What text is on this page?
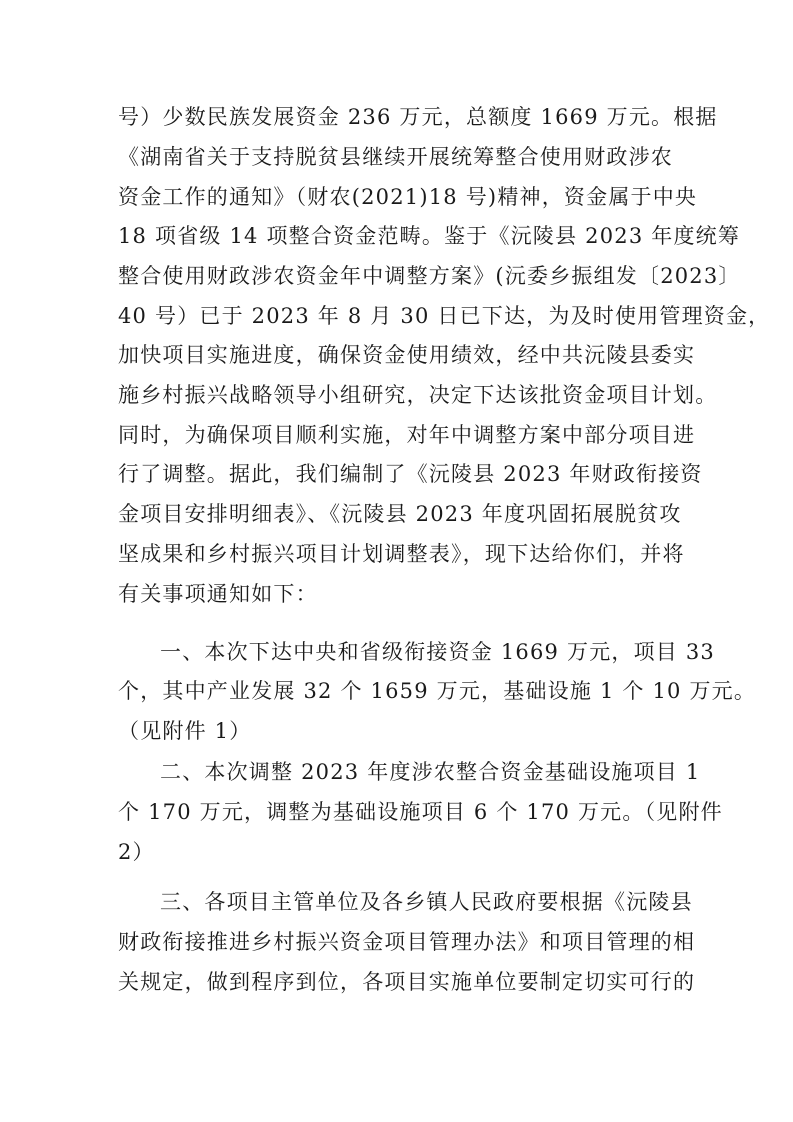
号）少数民族发展资金 236 万元，总额度 1669 万元。根据
《湖南省关于支持脱贫县继续开展统筹整合使用财政涉农
资金工作的通知》（财农(2021)18 号)精神，资金属于中央
18 项省级 14 项整合资金范畴。鉴于《沅陵县 2023 年度统筹
整合使用财政涉农资金年中调整方案》(沅委乡振组发〔2023〕
40 号）已于 2023 年 8 月 30 日已下达，为及时使用管理资金，
加快项目实施进度，确保资金使用绩效，经中共沅陵县委实
施乡村振兴战略领导小组研究，决定下达该批资金项目计划。
同时，为确保项目顺利实施，对年中调整方案中部分项目进
行了调整。据此，我们编制了《沅陵县 2023 年财政衔接资
金项目安排明细表》、《沅陵县 2023 年度巩固拓展脱贫攻
坚成果和乡村振兴项目计划调整表》，现下达给你们，并将
有关事项通知如下：
一、本次下达中央和省级衔接资金 1669 万元，项目 33
个，其中产业发展 32 个 1659 万元，基础设施 1 个 10 万元。
（见附件 1）
二、本次调整 2023 年度涉农整合资金基础设施项目 1
个 170 万元，调整为基础设施项目 6 个 170 万元。（见附件
2）
三、各项目主管单位及各乡镇人民政府要根据《沅陵县
财政衔接推进乡村振兴资金项目管理办法》和项目管理的相
关规定，做到程序到位，各项目实施单位要制定切实可行的
